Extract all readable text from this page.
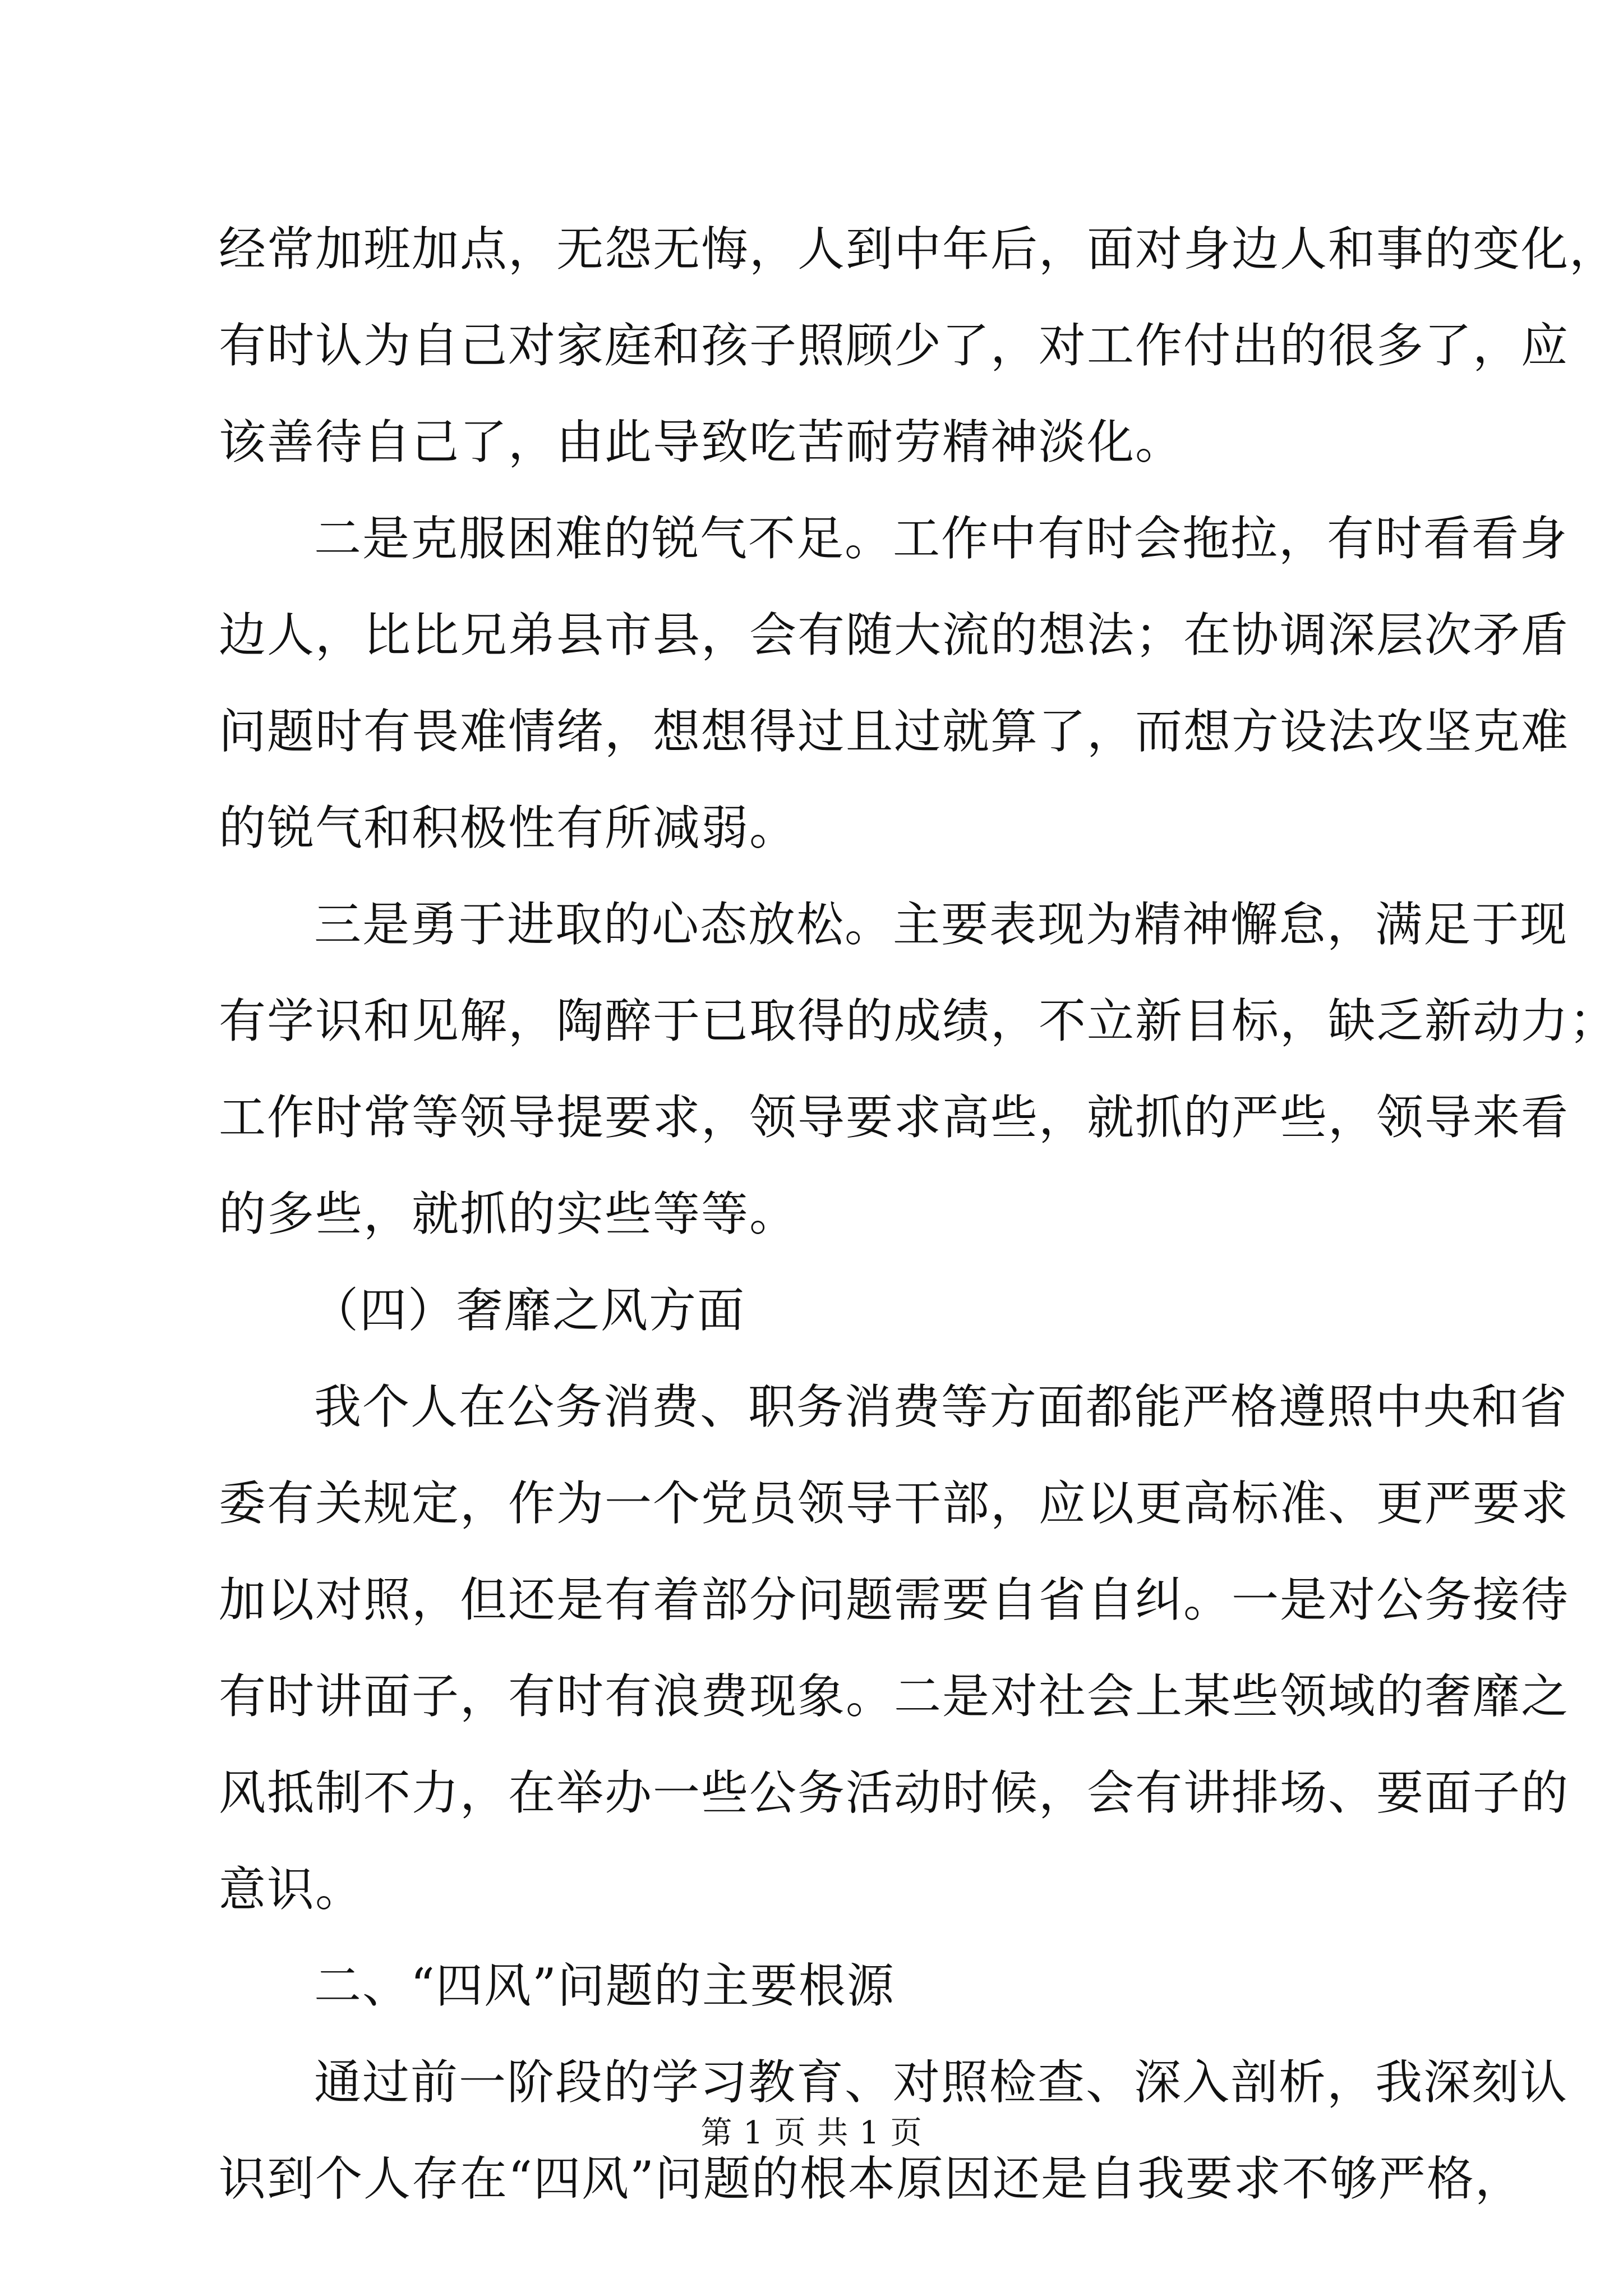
经常加班加点，无怨无悔，人到中年后，面对身边人和事的变化，
有时认为自己对家庭和孩子照顾少了，对工作付出的很多了，应
该善待自己了，由此导致吃苦耐劳精神淡化。
二是克服困难的锐气不足。工作中有时会拖拉，有时看看身
边人，比比兄弟县市县，会有随大流的想法；在协调深层次矛盾
问题时有畏难情绪，想想得过且过就算了，而想方设法攻坚克难
的锐气和积极性有所减弱。
三是勇于进取的心态放松。主要表现为精神懈怠，满足于现
有学识和见解，陶醉于已取得的成绩，不立新目标，缺乏新动力；
工作时常等领导提要求，领导要求高些，就抓的严些，领导来看
的多些，就抓的实些等等。
（四）奢靡之风方面
我个人在公务消费、职务消费等方面都能严格遵照中央和省
委有关规定，作为一个党员领导干部，应以更高标准、更严要求
加以对照，但还是有着部分问题需要自省自纠。一是对公务接待
有时讲面子，有时有浪费现象。二是对社会上某些领域的奢靡之
风抵制不力，在举办一些公务活动时候，会有讲排场、要面子的
意识。
二、“四风”问题的主要根源
通过前一阶段的学习教育、对照检查、深入剖析，我深刻认
识到个人存在“四风”问题的根本原因还是自我要求不够严格，
第 1 页 共 1 页
